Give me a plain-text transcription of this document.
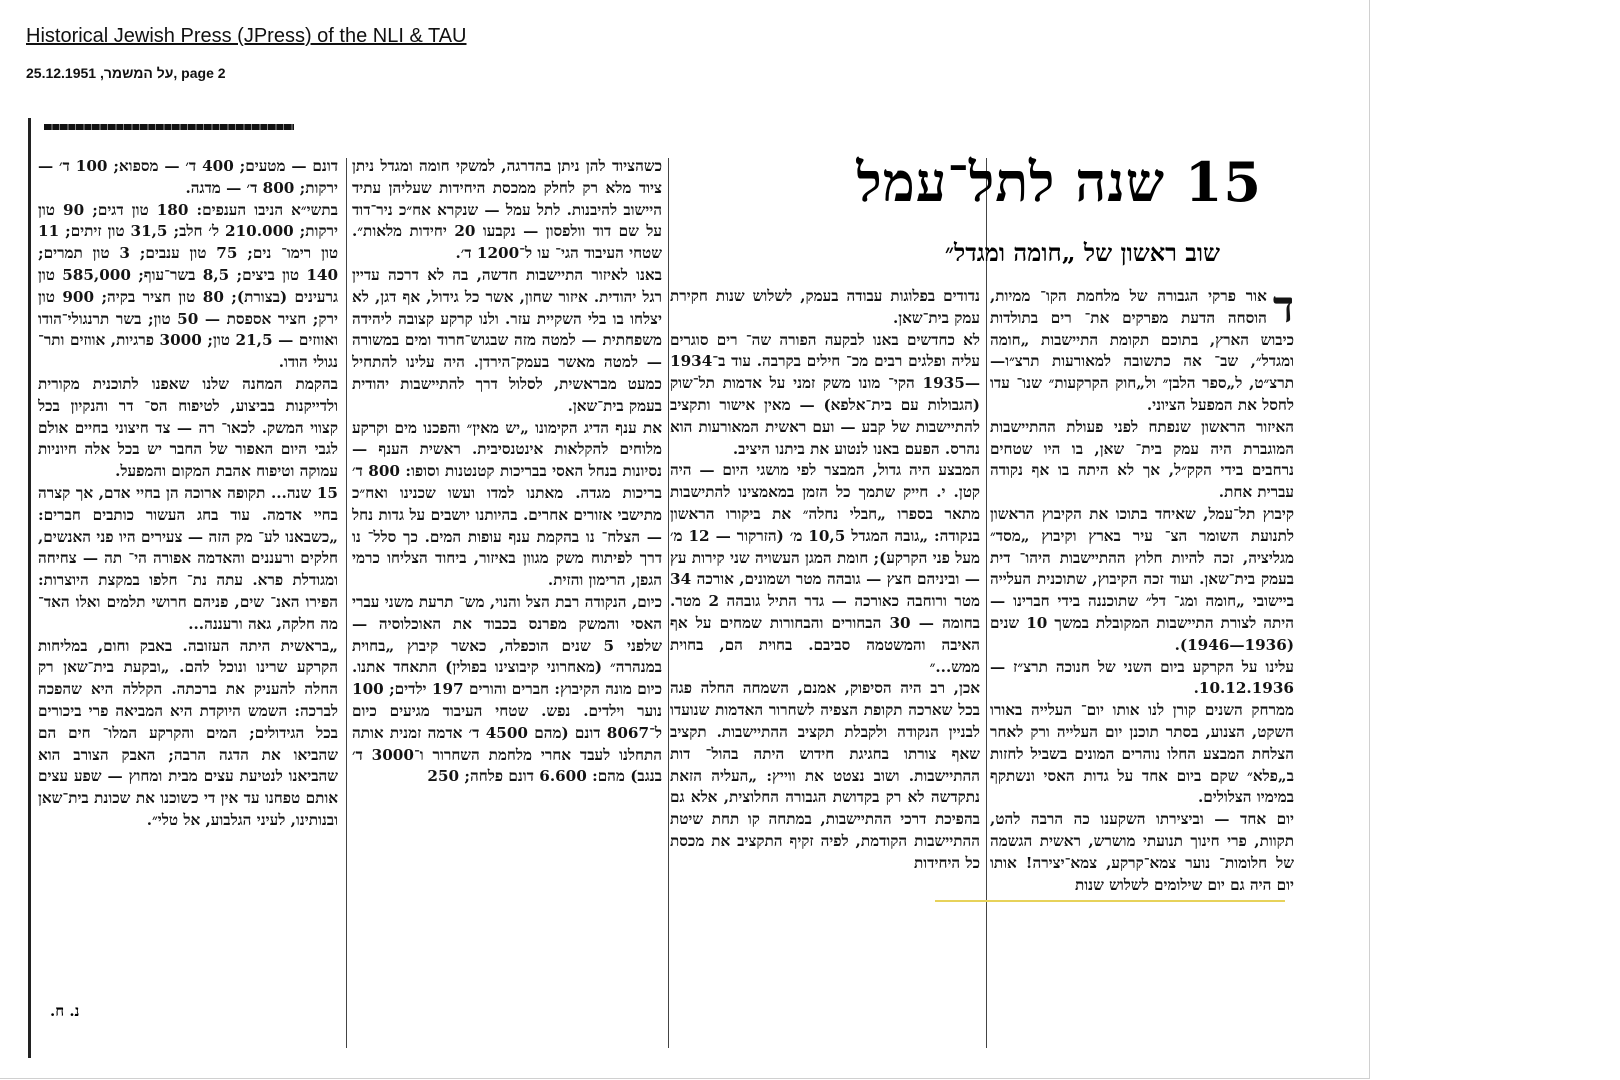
Historical Jewish Press (JPress) of the NLI & TAU
על המשמר, 25.12.1951, page 2
15 שנה לתל־עמל
שוב ראשון של „חומה ומגדל״
ד

אור פרקי הגבורה של מלחמת הקו־ ממיות, הוסחה הדעת מפרקים את־ רים בתולדות כיבוש הארץ, בתוכם תקומת התיישבות „חומה ומגדל״, שב־ אה כתשובה למאורעות תרצ״ו—תרצ״ט, ל„ספר הלבן״ ול„חוק הקרקעות״ שנו־ עדו לחסל את המפעל הציוני.

האיזור הראשון שנפתח לפני פעולת ההתיישבות המוגברת היה עמק בית־ שאן, בו היו שטחים נרחבים בידי הקק״ל, אך לא היתה בו אף נקודה עברית אחת.

קיבוץ תל־עמל, שאיחד בתוכו את הקיבוץ הראשון לתנועת השומר הצ־ עיר בארץ וקיבוץ „מסד״ מגליציה, זכה להיות חלוץ ההתיישבות היהו־ דית בעמק בית־שאן. ועוד זכה הקיבוץ, שתוכנית העלייה ביישובי „חומה ומג־ דל״ שתוכננה בידי חברינו — היתה לצורת התיישבות המקובלת במשך 10 שנים (1936—1946).

עלינו על הקרקע ביום השני של חנוכה תרצ״ז — 10.12.1936.

ממרחק השנים קורן לנו אותו יום־ העלייה באורו השקט, הצנוע, בסתר תוכנן יום העלייה ורק לאחר הצלחת המבצע החלו נוהרים המונים בשביל לחזות ב„פלא״ שקם ביום אחד על גדות האסי ונשתקף במימיו הצלולים.

יום אחד — וביצירתו השקענו כה הרבה להט, תקוות, פרי חינוך תנועתי מושרש, ראשית הגשמה של חלומות־ נוער צמא־קרקע, צמא־יצירה! אותו יום היה גם יום שילומים לשלוש שנות

נדודים בפלוגות עבודה בעמק, לשלוש שנות חקירת עמק בית־שאן.

לא כחדשים באנו לבקעה הפורה שה־ רים סוגרים עליה ופלגים רבים מכ־ חילים בקרבה. עוד ב־1934—1935 הקי־ מונו משק זמני על אדמות תל־שוק (הגבולות עם בית־אלפא) — מאין אישור ותקציב להתיישבות של קבע — ועם ראשית המאורעות הוא נהרס. הפעם באנו לנטוע את ביתנו היציב.

המבצע היה גדול, המבצר לפי מושגי היום — היה קטן. י. חייק שתמך כל הזמן במאמצינו להתישבות מתאר בספרו „חבלי נחלה״ את ביקורו הראשון בנקודה: „גובה המגדל 10,5 מ׳ (הזרקור — 12 מ׳ מעל פני הקרקע); חומת המגן העשויה שני קירות עץ — וביניהם חצץ — גובהה מטר ושמונים, אורכה 34 מטר ורוחבה כאורכה — גדר התיל גובהה 2 מטר. בחומה — 30 הבחורים והבחורות שמחים על אף האיבה והמשטמה סביבם. בחוית הם, בחוית ממש...״

אכן, רב היה הסיפוק, אמנם, השמחה החלה פגה בכל שארכה תקופת הצפיה לשחרור האדמות שנועדו לבניין הנקודה ולקבלת תקציב ההתיישבות. תקציב שאף צורתו בחגיגת חידוש היתה בהול־ דות ההתיישבות. ושוב נצטט את ווייץ: „העליה הזאת נתקדשה לא רק בקדושת הגבורה החלוצית, אלא גם בהפיכת דרכי ההתיישבות, במתחה קו תחת שיטת ההתיישבות הקודמת, לפיה זקיף התקציב את מכסת כל היחידות

כשהציוד להן ניתן בהדרגה, למשקי חומה ומגדל ניתן ציוד מלא רק לחלק ממכסת היחידות שעליהן עתיד היישוב להיבנות. לתל עמל — שנקרא אח״כ ניר־דוד על שם דוד וולפסון — נקבעו 20 יחידות מלאות״. שטחי העיבוד הגי־ עו ל־1200 ד׳.

באנו לאיזור התיישבות חדשה, בה לא דרכה עדיין רגל יהודית. איזור שחון, אשר כל גידול, אף דגן, לא יצלחו בו בלי השקיית עזר. ולנו קרקע קצובה ליהידה משפחתית — למטה מזה שבגוש־חרוד ומים במשורה — למטה מאשר בעמק־הירדן. היה עלינו להתחיל כמעט מבראשית, לסלול דרך להתיישבות יהודית בעמק בית־שאן.

את ענף הדיג הקימונו „יש מאין״ והפכנו מים וקרקע מלוחים להקלאות אינטנסיבית. ראשית הענף — נסיונות בנחל האסי בבריכות קטנטנות וסופו: 800 ד׳ בריכות מגדה. מאתנו למדו ועשו שכנינו ואח״כ מתישבי אזורים אחרים. בהיותנו יושבים על גדות נחל — הצלח־ נו בהקמת ענף עופות המים. כך סלל־ נו דרך לפיתוח משק מגוון באיזור, ביחוד הצליחו כרמי הגפן, הרימון והזית.

כיום, הנקודה רבת הצל והנוי, מש־ תרעת משני עברי האסי והמשק מפרנס בכבוד את האוכלוסיה — שלפני 5 שנים הוכפלה, כאשר קיבוץ „בחוית במנהרה״ (מאחרוני קיבוצינו בפולין) התאחד אתנו. כיום מונה הקיבוץ: חברים והורים 197 ילדים; 100 נוער וילדים. נפש. שטחי העיבוד מגיעים כיום ל־8067 דונם (מהם 4500 ד׳ אדמה זמנית אותה התחלנו לעבד אחרי מלחמת השחרור ו־3000 ד׳ בנגב) מהם: 6.600 דונם פלחה; 250

דונם — מטעים; 400 ד׳ — מספוא; 100 ד׳ — ירקות; 800 ד׳ — מדגה.

בתשי״א הניבו הענפים: 180 טון דגים; 90 טון ירקות; 210.000 ל׳ חלב; 31,5 טון זיתים; 11 טון רימו־ נים; 75 טון ענבים; 3 טון תמרים; 140 טון ביצים; 8,5 בשר־עוף; 585,000 טון גרעינים (בצורת); 80 טון חציר בקיה; 900 טון ירק; חציר אספסת — 50 טון; בשר תרנגולי־הודו ואווזים — 21,5 טון; 3000 פרגיות, אווזים ותר־ נגולי הודו.

בהקמת המחנה שלנו שאפנו לתוכנית מקורית ולדייקנות בביצוע, לטיפוח הס־ דר והנקיון בכל קצווי המשק. לכאו־ רה — צד חיצוני בחיים אולם לגבי היום האפור של החבר יש בכל אלה חיוניות עמוקה וטיפוח אהבת המקום והמפעל.

15 שנה... תקופה ארוכה הן בחיי אדם, אך קצרה בחיי אדמה. עוד בחג העשור כותבים חברים: „כשבאנו לע־ מק הזה — צעירים היו פני האנשים, חלקים ורעננים והאדמה אפורה הי־ תה — צחיחה ומגודלת פרא. עתה נת־ חלפו במקצת היוצרות: הפירו האנ־ שים, פניהם חרושי תלמים ואלו האד־ מה חלקה, גאה ורעננה...

„בראשית היתה העזובה. באבק וחום, במליחות הקרקע שרינו ונוכל להם. „ובקעת בית־שאן רק החלה להעניק את ברכתה. הקללה היא שהפכה לברכה: השמש היוקדת היא המביאה פרי ביכורים בכל הגידולים; המים והקרקע המלו־ חים הם שהביאו את הדגה הרבה; האבק הצורב הוא שהביאנו לנטיעת עצים מבית ומחוץ — שפע עצים אותם טפחנו עד אין די כשוכנו את שכונת בית־שאן ובנותינו, לעיני הגלבוע, אל טלי״.

נ. ח.
